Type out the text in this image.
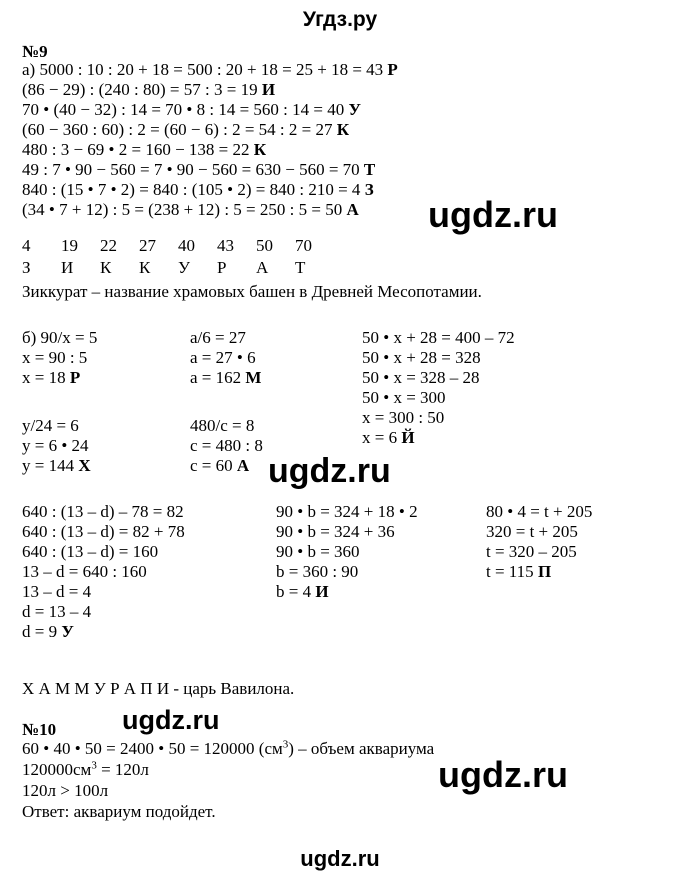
Угдз.ру
№9
а) 5000 : 10 : 20 + 18 = 500 : 20 + 18 = 25 + 18 = 43 Р
(86 − 29) : (240 : 80) = 57 : 3 = 19 И
70 • (40 − 32) : 14 = 70 • 8 : 14 = 560 : 14 = 40 У
(60 − 360 : 60) : 2 = (60 − 6) : 2 = 54 : 2 = 27 К
480 : 3 − 69 • 2 = 160 − 138 = 22 К
49 : 7 • 90 − 560 = 7 • 90 − 560 = 630 − 560 = 70 Т
840 : (15 • 7 • 2) = 840 : (105 • 2) = 840 : 210 = 4 З
(34 • 7 + 12) : 5 = (238 + 12) : 5 = 250 : 5 = 50 А
4 19 22 27 40 43 50 70
З И К К У Р А Т
Зиккурат – название храмовых башен в Древней Месопотамии.
б) 90/х = 5
х = 90 : 5
х = 18 Р
а/6 = 27
а = 27 • 6
а = 162 М
50 • х + 28 = 400 – 72
50 • х + 28 = 328
50 • х = 328 – 28
50 • х = 300
х = 300 : 50
х = 6 Й
у/24 = 6
у = 6 • 24
у = 144 Х
480/с = 8
с = 480 : 8
с = 60 А
640 : (13 – d) – 78 = 82
640 : (13 – d) = 82 + 78
640 : (13 – d) = 160
13 – d = 640 : 160
13 – d = 4
d = 13 – 4
d = 9 У
90 • b = 324 + 18 • 2
90 • b = 324 + 36
90 • b = 360
b = 360 : 90
b = 4 И
80 • 4 = t + 205
320 = t + 205
t = 320 – 205
t = 115 П
Х А М М У Р А П И - царь Вавилона.
№10
60 • 40 • 50 = 2400 • 50 = 120000 $(см^3)$ – объем аквариума
$120000см^3 = 120л$
120л > 100л
Ответ: аквариум подойдет.
ugdz.ru
ugdz.ru
ugdz.ru
ugdz.ru
ugdz.ru
